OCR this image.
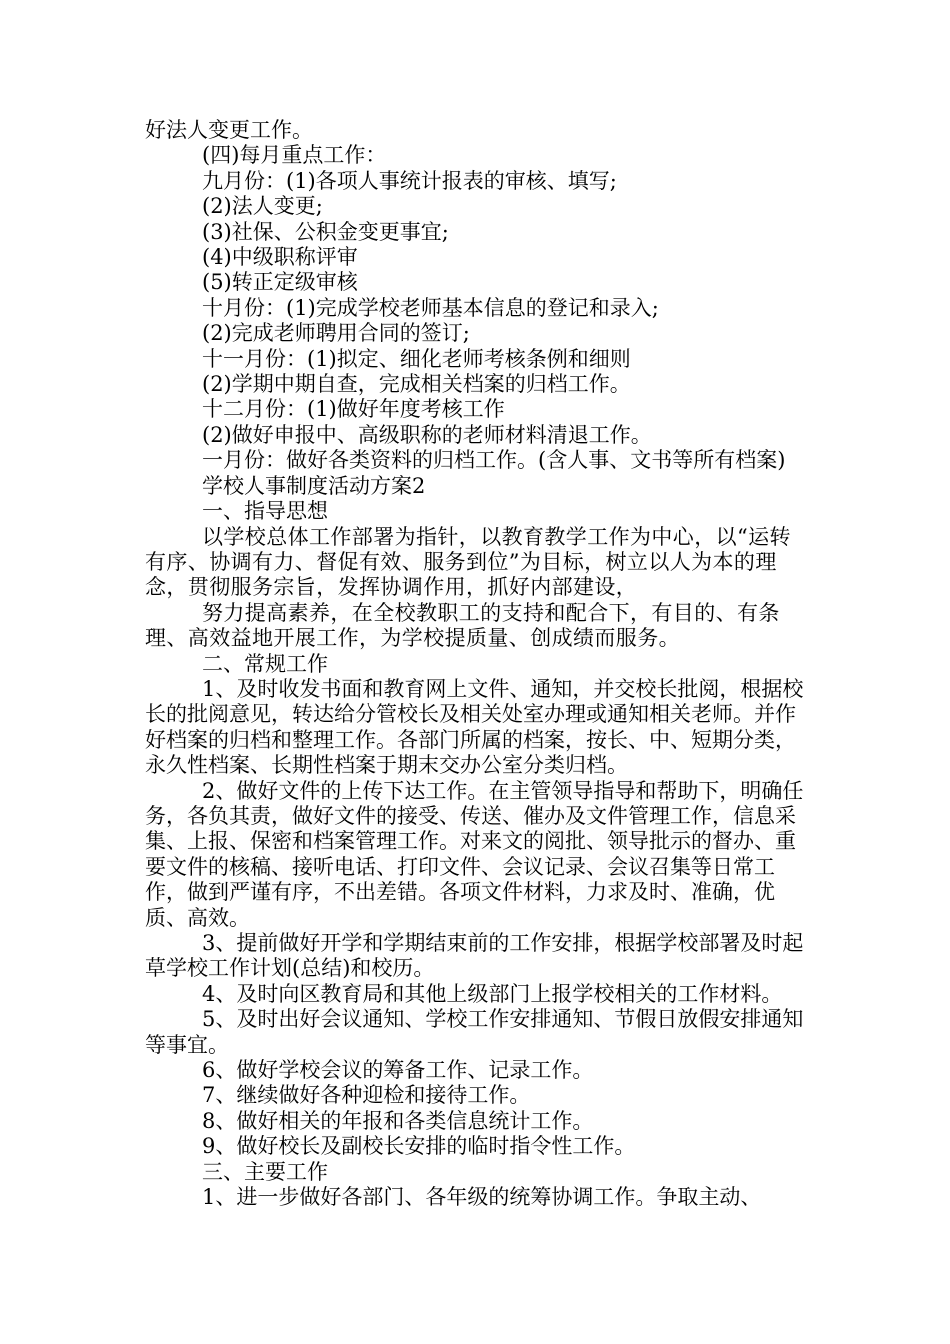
好法人变更工作。

(四)每月重点工作：

九月份：(1)各项人事统计报表的审核、填写;

(2)法人变更;

(3)社保、公积金变更事宜;

(4)中级职称评审

(5)转正定级审核

十月份：(1)完成学校老师基本信息的登记和录入;

(2)完成老师聘用合同的签订;

十一月份：(1)拟定、细化老师考核条例和细则

(2)学期中期自查，完成相关档案的归档工作。

十二月份：(1)做好年度考核工作

(2)做好申报中、高级职称的老师材料清退工作。

一月份：做好各类资料的归档工作。(含人事、文书等所有档案)

学校人事制度活动方案2

一、指导思想

以学校总体工作部署为指针，以教育教学工作为中心，以“运转有序、协调有力、督促有效、服务到位”为目标，树立以人为本的理念，贯彻服务宗旨，发挥协调作用，抓好内部建设，

努力提高素养，在全校教职工的支持和配合下，有目的、有条理、高效益地开展工作，为学校提质量、创成绩而服务。

二、常规工作

1、及时收发书面和教育网上文件、通知，并交校长批阅，根据校长的批阅意见，转达给分管校长及相关处室办理或通知相关老师。并作好档案的归档和整理工作。各部门所属的档案，按长、中、短期分类，永久性档案、长期性档案于期末交办公室分类归档。

2、做好文件的上传下达工作。在主管领导指导和帮助下，明确任务，各负其责，做好文件的接受、传送、催办及文件管理工作，信息采集、上报、保密和档案管理工作。对来文的阅批、领导批示的督办、重要文件的核稿、接听电话、打印文件、会议记录、会议召集等日常工作，做到严谨有序，不出差错。各项文件材料，力求及时、准确，优质、高效。

3、提前做好开学和学期结束前的工作安排，根据学校部署及时起草学校工作计划(总结)和校历。

4、及时向区教育局和其他上级部门上报学校相关的工作材料。

5、及时出好会议通知、学校工作安排通知、节假日放假安排通知等事宜。

6、做好学校会议的筹备工作、记录工作。

7、继续做好各种迎检和接待工作。

8、做好相关的年报和各类信息统计工作。

9、做好校长及副校长安排的临时指令性工作。

三、主要工作

1、进一步做好各部门、各年级的统筹协调工作。争取主动、
